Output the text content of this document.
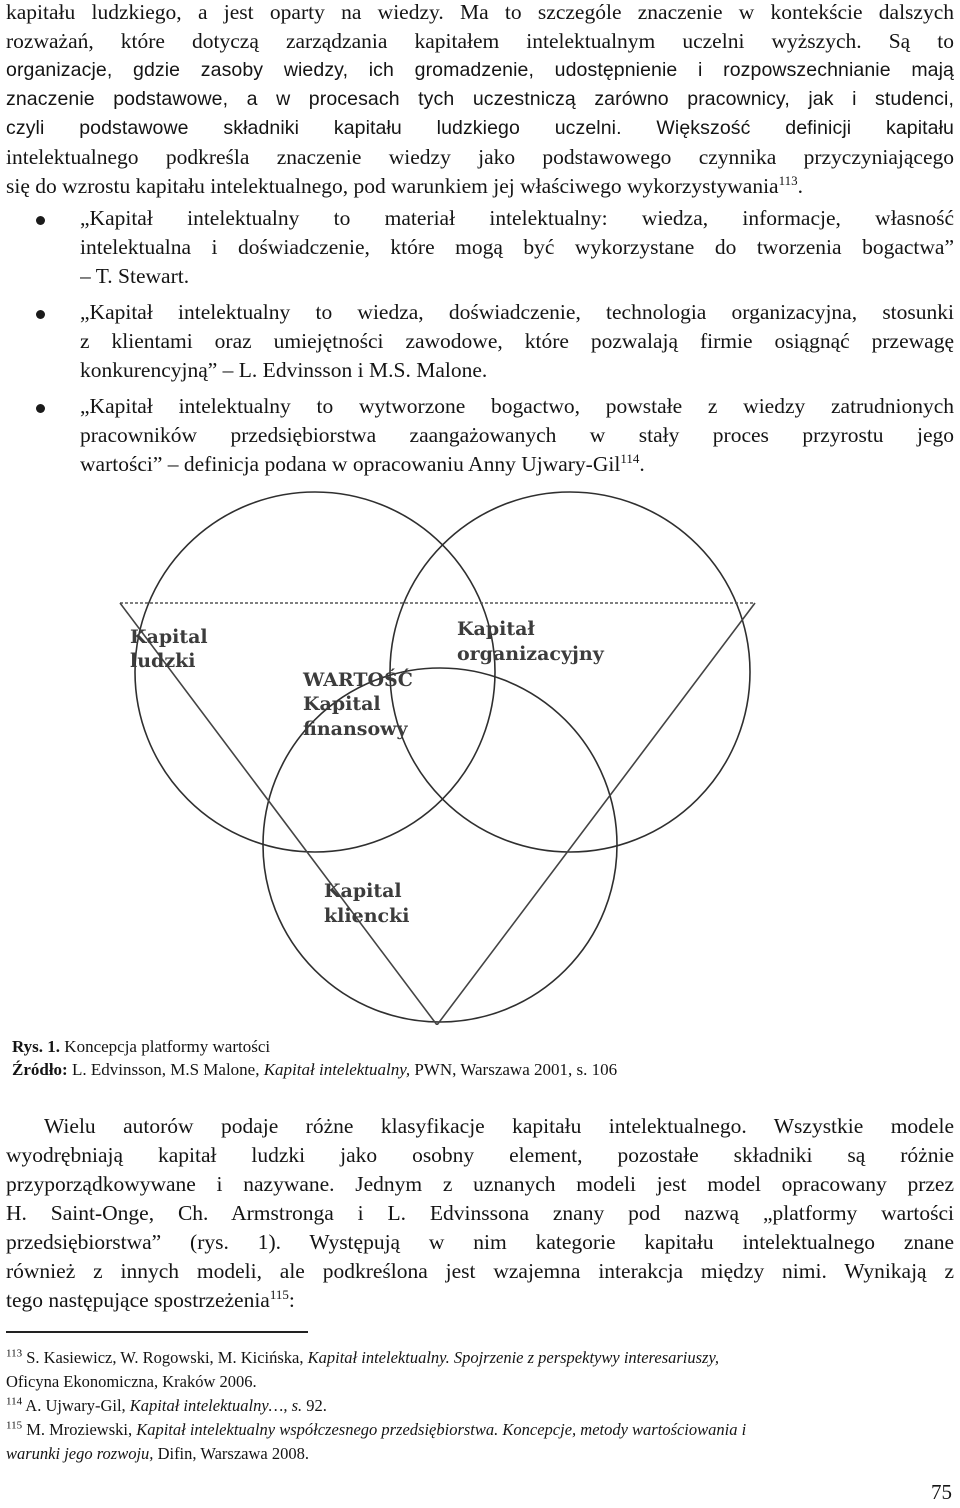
kapitału ludzkiego, a jest oparty na wiedzy. Ma to szczególe znaczenie w kontekście dalszych
rozważań, które dotyczą zarządzania kapitałem intelektualnym uczelni wyższych. Są to
organizacje, gdzie zasoby wiedzy, ich gromadzenie, udostępnienie i rozpowszechnianie mają
znaczenie podstawowe, a w procesach tych uczestniczą zarówno pracownicy, jak i studenci,
czyli podstawowe składniki kapitału ludzkiego uczelni. Większość definicji kapitału
intelektualnego podkreśla znaczenie wiedzy jako podstawowego czynnika przyczyniającego
się do wzrostu kapitału intelektualnego, pod warunkiem jej właściwego wykorzystywania$^{113}$.
„Kapitał intelektualny to materiał intelektualny: wiedza, informacje, własność
intelektualna i doświadczenie, które mogą być wykorzystane do tworzenia bogactwa”
– T. Stewart.
„Kapitał intelektualny to wiedza, doświadczenie, technologia organizacyjna, stosunki
z klientami oraz umiejętności zawodowe, które pozwalają firmie osiągnąć przewagę
konkurencyjną” – L. Edvinsson i M.S. Malone.
„Kapitał intelektualny to wytworzone bogactwo, powstałe z wiedzy zatrudnionych
pracowników przedsiębiorstwa zaangażowanych w stały proces przyrostu jego
wartości” – definicja podana w opracowaniu Anny Ujwary-Gil$^{114}$.
Kapital
ludzki
Kapitał
organizacyjny
WARTOŚĆ
Kapital
finansowy
Kapital
kliencki
Rys. 1. Koncepcja platformy wartości
Źródło: L. Edvinsson, M.S Malone, Kapitał intelektualny, PWN, Warszawa 2001, s. 106
Wielu autorów podaje różne klasyfikacje kapitału intelektualnego. Wszystkie modele
wyodrębniają kapitał ludzki jako osobny element, pozostałe składniki są różnie
przyporządkowywane i nazywane. Jednym z uznanych modeli jest model opracowany przez
H. Saint-Onge, Ch. Armstronga i L. Edvinssona znany pod nazwą „platformy wartości
przedsiębiorstwa” (rys. 1). Występują w nim kategorie kapitału intelektualnego znane
również z innych modeli, ale podkreślona jest wzajemna interakcja między nimi. Wynikają z
tego następujące spostrzeżenia$^{115}$:
$^{113}$ S. Kasiewicz, W. Rogowski, M. Kicińska, Kapitał intelektualny. Spojrzenie z perspektywy interesariuszy,
Oficyna Ekonomiczna, Kraków 2006.
$^{114}$ A. Ujwary-Gil, Kapitał intelektualny…, s. 92.
$^{115}$ M. Mroziewski, Kapitał intelektualny współczesnego przedsiębiorstwa. Koncepcje, metody wartościowania i
warunki jego rozwoju, Difin, Warszawa 2008.
75
